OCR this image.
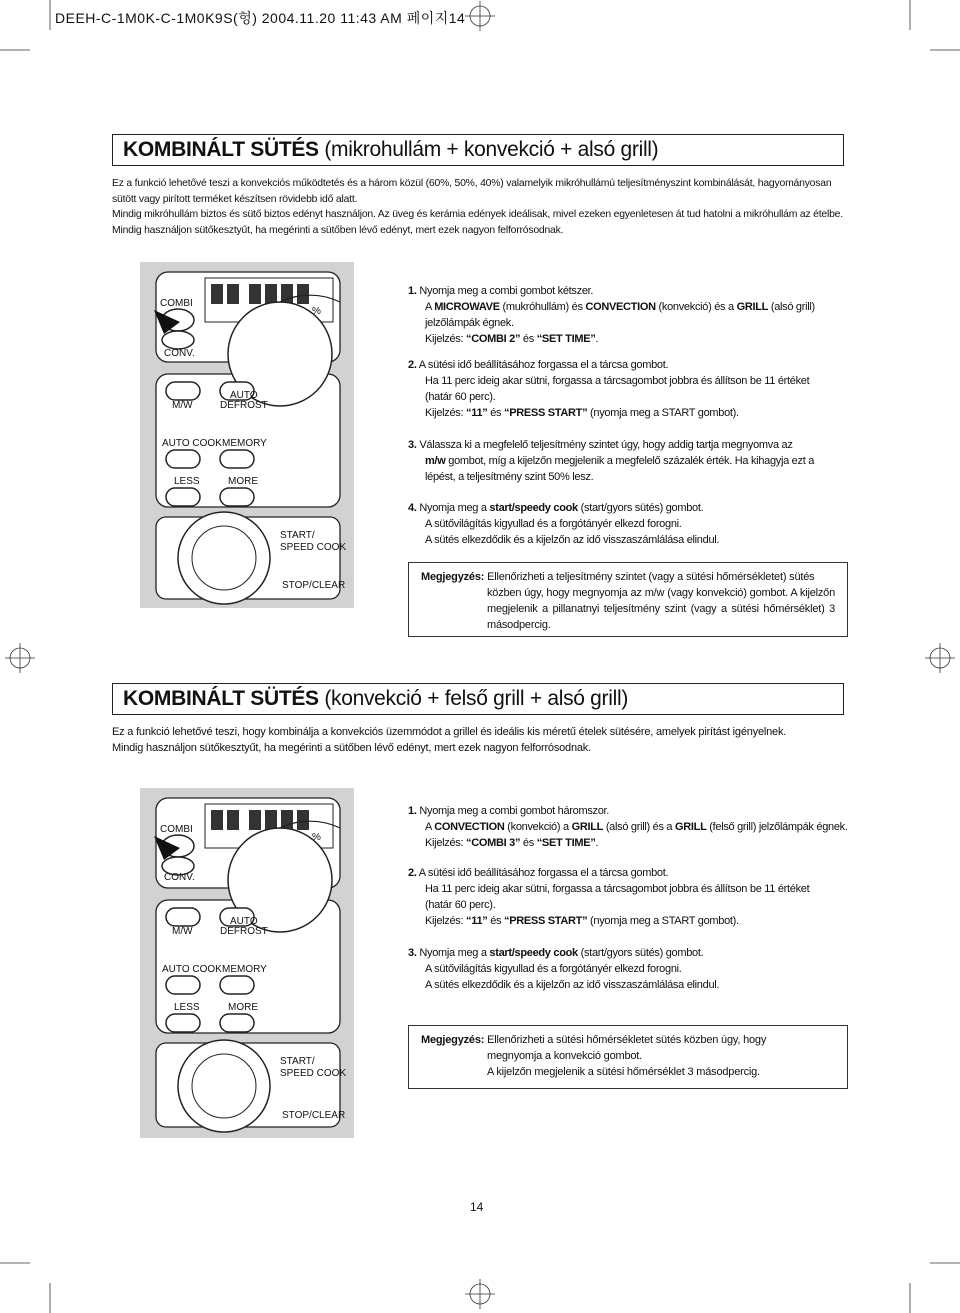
DEEH-C-1M0K-C-1M0K9S(헝) 2004.11.20 11:43 AM 페이지14
KOMBINÁLT SÜTÉS (mikrohullám + konvekció + alsó grill)
Ez a funkció lehetővé teszi a konvekciós működtetés és a három közül (60%, 50%, 40%) valamelyik mikróhullámú teljesítményszint kombinálását, hagyományosan
sütött vagy pirított terméket készítsen rövidebb idő alatt.
Mindig mikróhullám biztos és sütő biztos edényt használjon. Az üveg és kerámia edények ideálisak, mivel ezeken egyenletesen át tud hatolni a mikróhullám az ételbe.
Mindig használjon sütőkesztyűt, ha megérinti a sütőben lévő edényt, mert ezek nagyon felforrósodnak.
COMBI
CONV.
%
M/W
AUTO
DEFROST
AUTO COOK MEMORY
LESS	MORE
START/
SPEED COOK
STOP/CLEAR
1. Nyomja meg a combi gombot kétszer.
A MICROWAVE (mukróhullám) és CONVECTION (konvekció) és a GRILL (alsó grill)
jelzőlámpák égnek.
Kijelzés: “COMBI 2” és “SET TIME”.
2. A sütési idő beállításához forgassa el a tárcsa gombot.
Ha 11 perc ideig akar sütni, forgassa a tárcsagombot jobbra és állítson be 11 értéket
(határ 60 perc).
Kijelzés: “11” és “PRESS START” (nyomja meg a START gombot).
3. Válassza ki a megfelelő teljesítmény szintet úgy, hogy addig tartja megnyomva az
m/w gombot, míg a kijelzőn megjelenik a megfelelő százalék érték. Ha kihagyja ezt a
lépést, a teljesítmény szint 50% lesz.
4. Nyomja meg a start/speedy cook (start/gyors sütés) gombot.
A sütővilágítás kigyullad és a forgótányér elkezd forogni.
A sütés elkezdődik és a kijelzőn az idő visszaszámlálása elindul.
Megjegyzés: Ellenőrizheti a teljesítmény szintet (vagy a sütési hőmérsékletet) sütés
közben úgy, hogy megnyomja az m/w (vagy konvekció) gombot. A kijelzőn megjelenik a pillanatnyi teljesítmény szint (vagy a sütési hőmérséklet) 3 másodpercig.
KOMBINÁLT SÜTÉS (konvekció + felső grill + alsó grill)
Ez a funkció lehetővé teszi, hogy kombinálja a konvekciós üzemmódot a grillel és ideális kis méretű ételek sütésére, amelyek pirítást igényelnek.
Mindig használjon sütőkesztyűt, ha megérinti a sütőben lévő edényt, mert ezek nagyon felforrósodnak.
COMBI
CONV.
%
M/W
AUTO
DEFROST
AUTO COOK MEMORY
LESS	MORE
START/
SPEED COOK
STOP/CLEAR
1. Nyomja meg a combi gombot háromszor.
A CONVECTION (konvekció) a GRILL (alsó grill) és a GRILL (felső grill) jelzőlámpák égnek.
Kijelzés: “COMBI 3” és “SET TIME”.
2. A sütési idő beállításához forgassa el a tárcsa gombot.
Ha 11 perc ideig akar sütni, forgassa a tárcsagombot jobbra és állítson be 11 értéket
(határ 60 perc).
Kijelzés: “11” és “PRESS START” (nyomja meg a START gombot).
3. Nyomja meg a start/speedy cook (start/gyors sütés) gombot.
A sütővilágítás kigyullad és a forgótányér elkezd forogni.
A sütés elkezdődik és a kijelzőn az idő visszaszámlálása elindul.
Megjegyzés: Ellenőrizheti a sütési hőmérsékletet sütés közben úgy, hogy
megnyomja a konvekció gombot.
A kijelzőn megjelenik a sütési hőmérséklet 3 másodpercig.
14
